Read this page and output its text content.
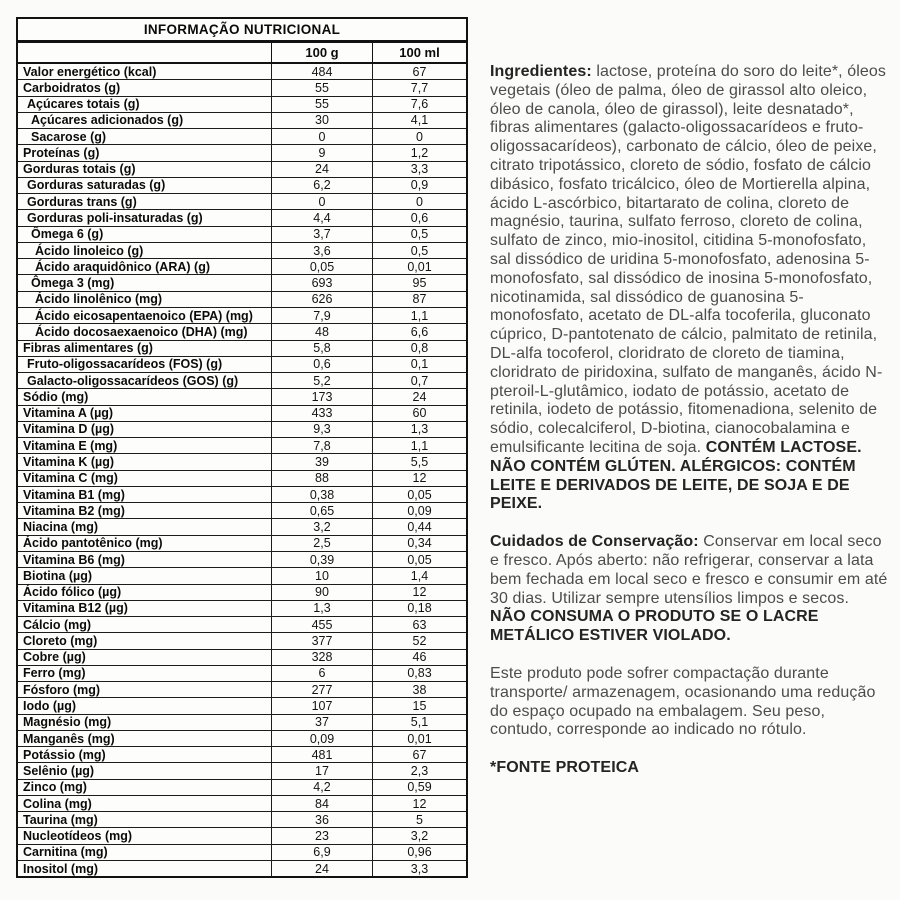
INFORMAÇÃO NUTRICIONAL
100 g	100 ml
Valor energético (kcal)	484	67
Carboidratos (g)	55	7,7
Açúcares totais (g)	55	7,6
Açúcares adicionados (g)	30	4,1
Sacarose (g)	0	0
Proteínas (g)	9	1,2
Gorduras totais (g)	24	3,3
Gorduras saturadas (g)	6,2	0,9
Gorduras trans (g)	0	0
Gorduras poli-insaturadas (g)	4,4	0,6
Ômega 6 (g)	3,7	0,5
Ácido linoleico (g)	3,6	0,5
Ácido araquidônico (ARA) (g)	0,05	0,01
Ômega 3 (mg)	693	95
Ácido linolênico (mg)	626	87
Ácido eicosapentaenoico (EPA) (mg)	7,9	1,1
Ácido docosaexaenoico (DHA) (mg)	48	6,6
Fibras alimentares (g)	5,8	0,8
Fruto-oligossacarídeos (FOS) (g)	0,6	0,1
Galacto-oligossacarídeos (GOS) (g)	5,2	0,7
Sódio (mg)	173	24
Vitamina A (µg)	433	60
Vitamina D (µg)	9,3	1,3
Vitamina E (mg)	7,8	1,1
Vitamina K (µg)	39	5,5
Vitamina C (mg)	88	12
Vitamina B1 (mg)	0,38	0,05
Vitamina B2 (mg)	0,65	0,09
Niacina (mg)	3,2	0,44
Ácido pantotênico (mg)	2,5	0,34
Vitamina B6 (mg)	0,39	0,05
Biotina (µg)	10	1,4
Ácido fólico (µg)	90	12
Vitamina B12 (µg)	1,3	0,18
Cálcio (mg)	455	63
Cloreto (mg)	377	52
Cobre (µg)	328	46
Ferro (mg)	6	0,83
Fósforo (mg)	277	38
Iodo (µg)	107	15
Magnésio (mg)	37	5,1
Manganês (mg)	0,09	0,01
Potássio (mg)	481	67
Selênio (µg)	17	2,3
Zinco (mg)	4,2	0,59
Colina (mg)	84	12
Taurina (mg)	36	5
Nucleotídeos (mg)	23	3,2
Carnitina (mg)	6,9	0,96
Inositol (mg)	24	3,3

Ingredientes: lactose, proteína do soro do leite*, óleos vegetais (óleo de palma, óleo de girassol alto oleico, óleo de canola, óleo de girassol), leite desnatado*, fibras alimentares (galacto-oligossacarídeos e fruto-oligossacarídeos), carbonato de cálcio, óleo de peixe, citrato tripotássico, cloreto de sódio, fosfato de cálcio dibásico, fosfato tricálcico, óleo de Mortierella alpina, ácido L-ascórbico, bitartarato de colina, cloreto de magnésio, taurina, sulfato ferroso, cloreto de colina, sulfato de zinco, mio-inositol, citidina 5-monofosfato, sal dissódico de uridina 5-monofosfato, adenosina 5-monofosfato, sal dissódico de inosina 5-monofosfato, nicotinamida, sal dissódico de guanosina 5-monofosfato, acetato de DL-alfa tocoferila, gluconato cúprico, D-pantotenato de cálcio, palmitato de retinila, DL-alfa tocoferol, cloridrato de cloreto de tiamina, cloridrato de piridoxina, sulfato de manganês, ácido N-pteroil-L-glutâmico, iodato de potássio, acetato de retinila, iodeto de potássio, fitomenadiona, selenito de sódio, colecalciferol, D-biotina, cianocobalamina e emulsificante lecitina de soja. CONTÉM LACTOSE. NÃO CONTÉM GLÚTEN. ALÉRGICOS: CONTÉM LEITE E DERIVADOS DE LEITE, DE SOJA E DE PEIXE.

Cuidados de Conservação: Conservar em local seco e fresco. Após aberto: não refrigerar, conservar a lata bem fechada em local seco e fresco e consumir em até 30 dias. Utilizar sempre utensílios limpos e secos. NÃO CONSUMA O PRODUTO SE O LACRE METÁLICO ESTIVER VIOLADO.

Este produto pode sofrer compactação durante transporte/ armazenagem, ocasionando uma redução do espaço ocupado na embalagem. Seu peso, contudo, corresponde ao indicado no rótulo.

*FONTE PROTEICA
